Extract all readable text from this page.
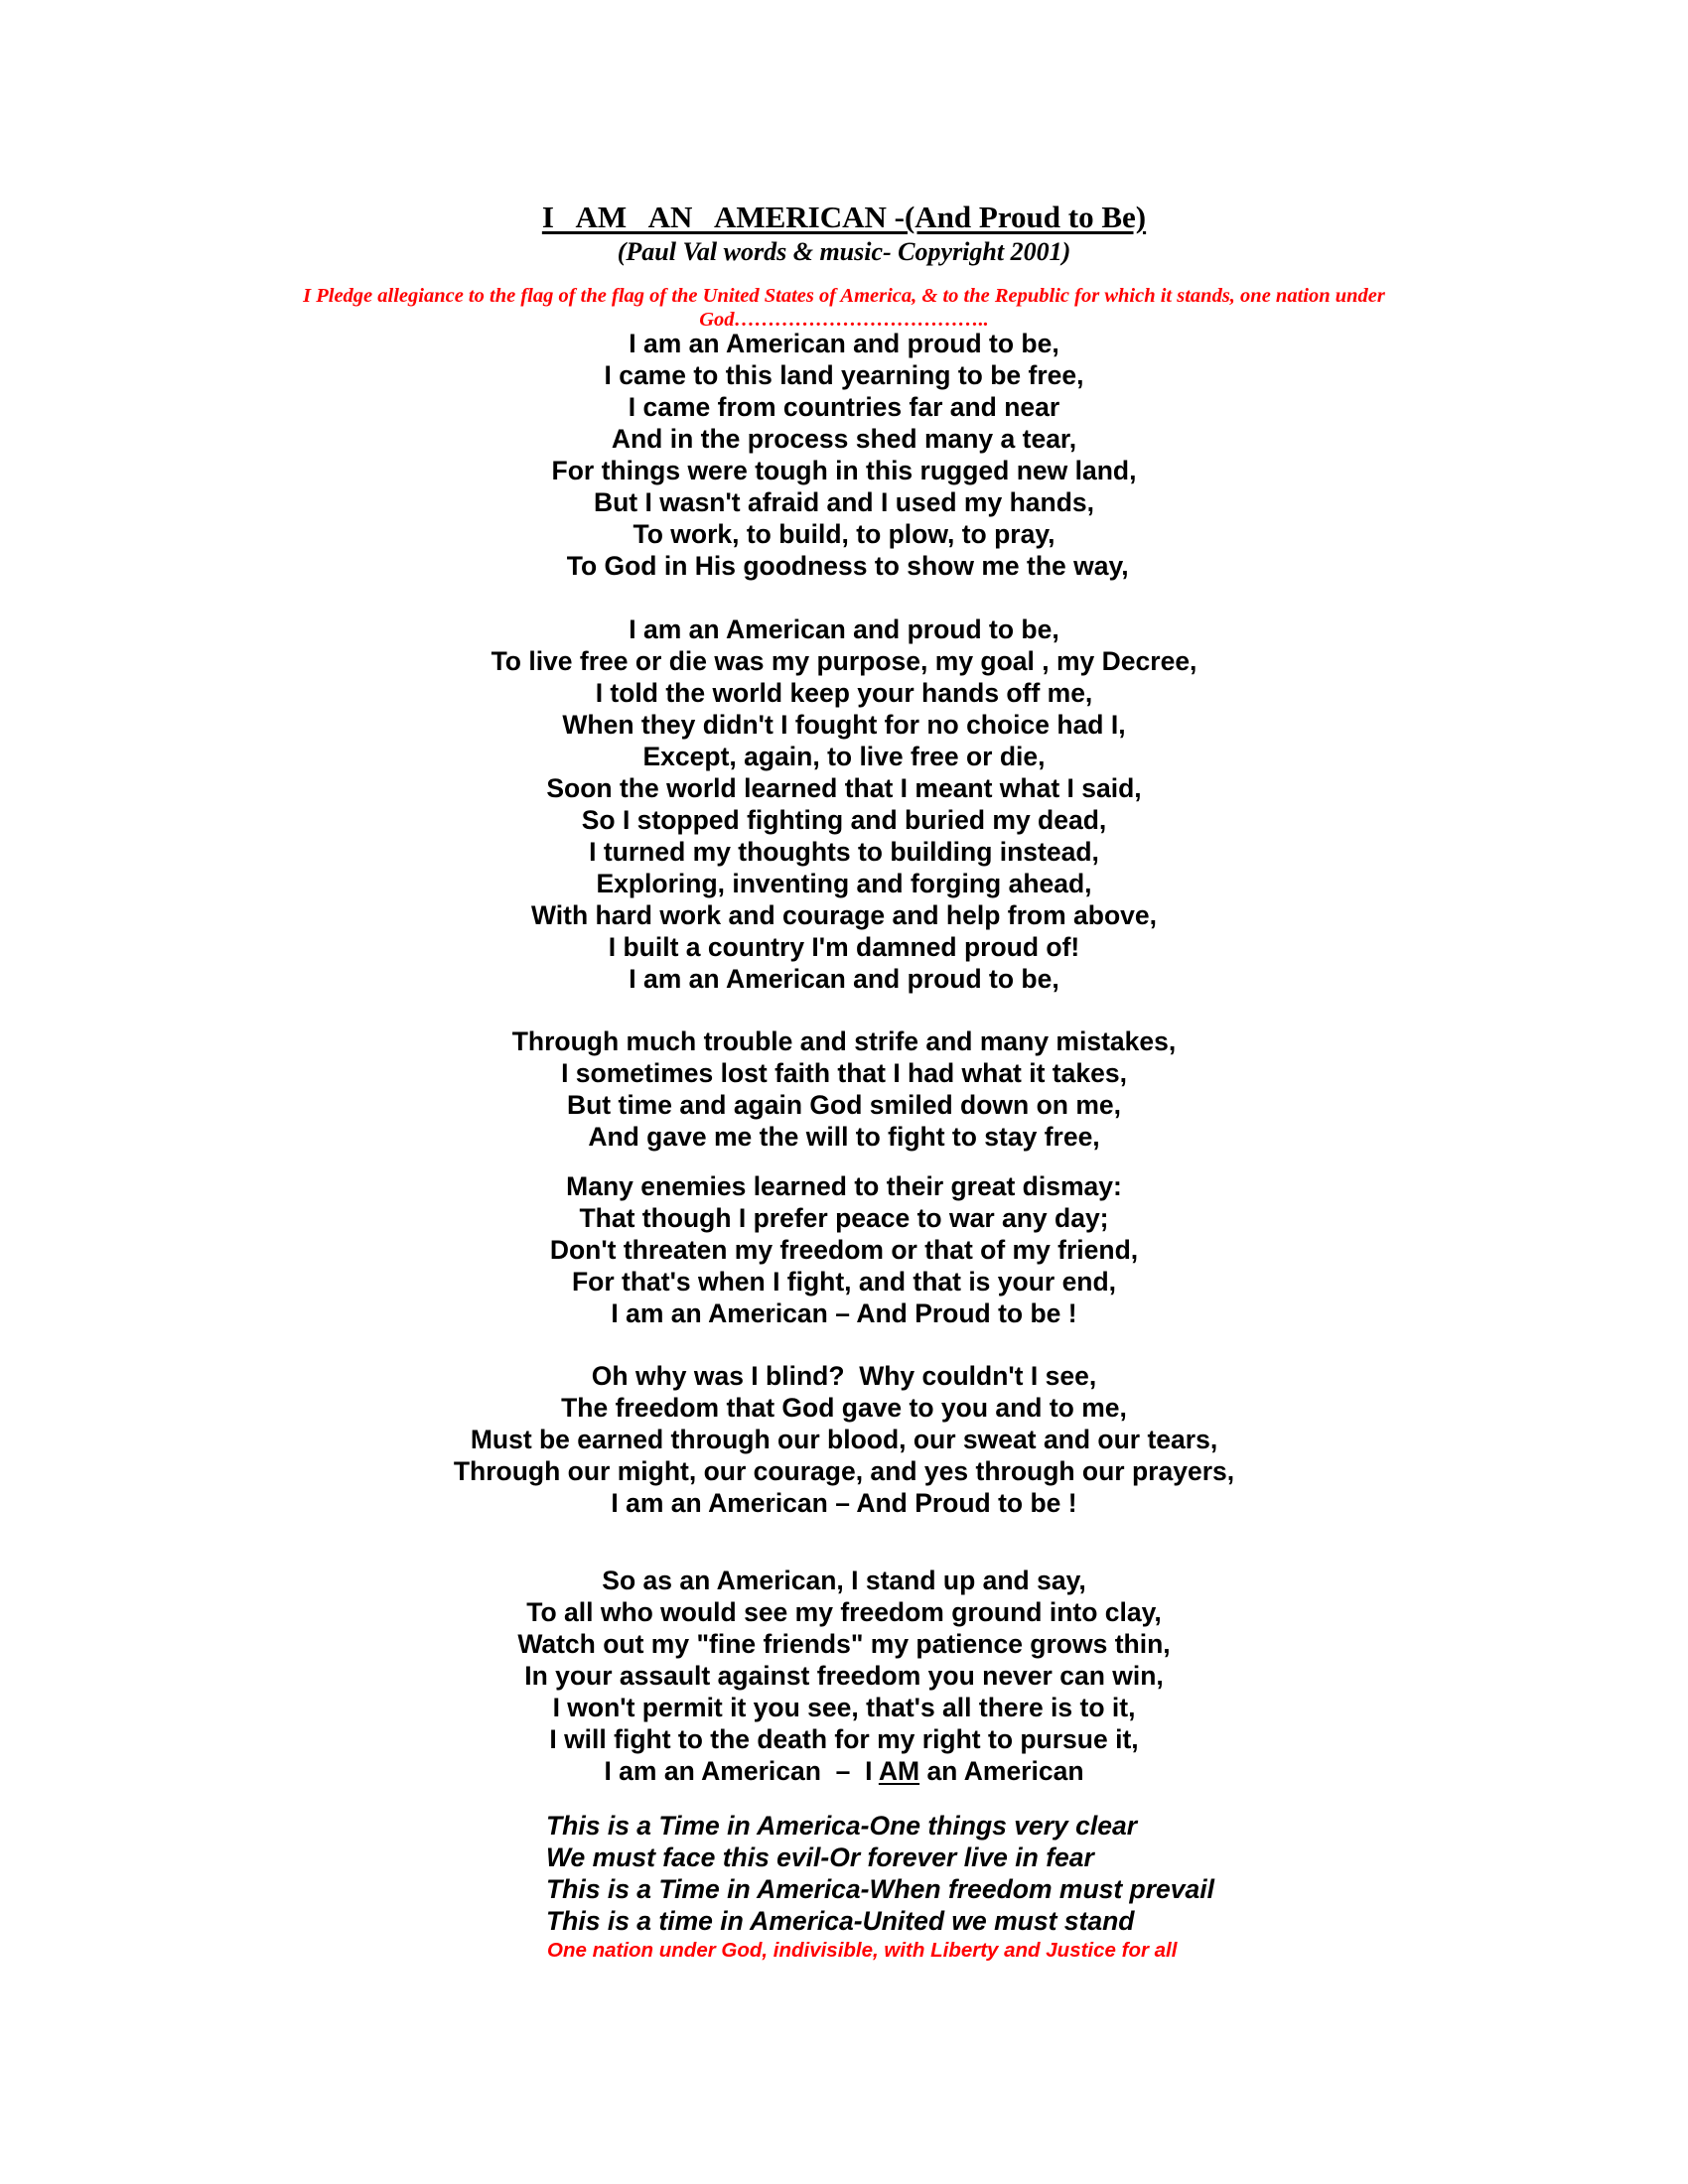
I   AM   AN   AMERICAN -(And Proud to Be)

(Paul Val words & music- Copyright 2001)

I Pledge allegiance to the flag of the flag of the United States of America, & to the Republic for which it stands, one nation under God………………………………..

I am an American and proud to be,
I came to this land yearning to be free,
I came from countries far and near
And in the process shed many a tear,
For things were tough in this rugged new land,
But I wasn't afraid and I used my hands,
To work, to build, to plow, to pray,
To God in His goodness to show me the way,
I am an American and proud to be,
To live free or die was my purpose, my goal , my Decree,
I told the world keep your hands off me,
When they didn't I fought for no choice had I,
Except, again, to live free or die,
Soon the world learned that I meant what I said,
So I stopped fighting and buried my dead,
I turned my thoughts to building instead,
Exploring, inventing and forging ahead,
With hard work and courage and help from above,
I built a country I'm damned proud of!
I am an American and proud to be,
Through much trouble and strife and many mistakes,
I sometimes lost faith that I had what it takes,
But time and again God smiled down on me,
And gave me the will to fight to stay free,
Many enemies learned to their great dismay:
That though I prefer peace to war any day;
Don't threaten my freedom or that of my friend,
For that's when I fight, and that is your end,
I am an American – And Proud to be !
Oh why was I blind?  Why couldn't I see,
The freedom that God gave to you and to me,
Must be earned through our blood, our sweat and our tears,
Through our might, our courage, and yes through our prayers,
I am an American – And Proud to be !
So as an American, I stand up and say,
To all who would see my freedom ground into clay,
Watch out my "fine friends" my patience grows thin,
In your assault against freedom you never can win,
I won't permit it you see, that's all there is to it,
I will fight to the death for my right to pursue it,
I am an American  –  I AM an American
This is a Time in America-One things very clear
We must face this evil-Or forever live in fear
This is a Time in America-When freedom must prevail
This is a time in America-United we must stand

One nation under God, indivisible, with Liberty and Justice for all
